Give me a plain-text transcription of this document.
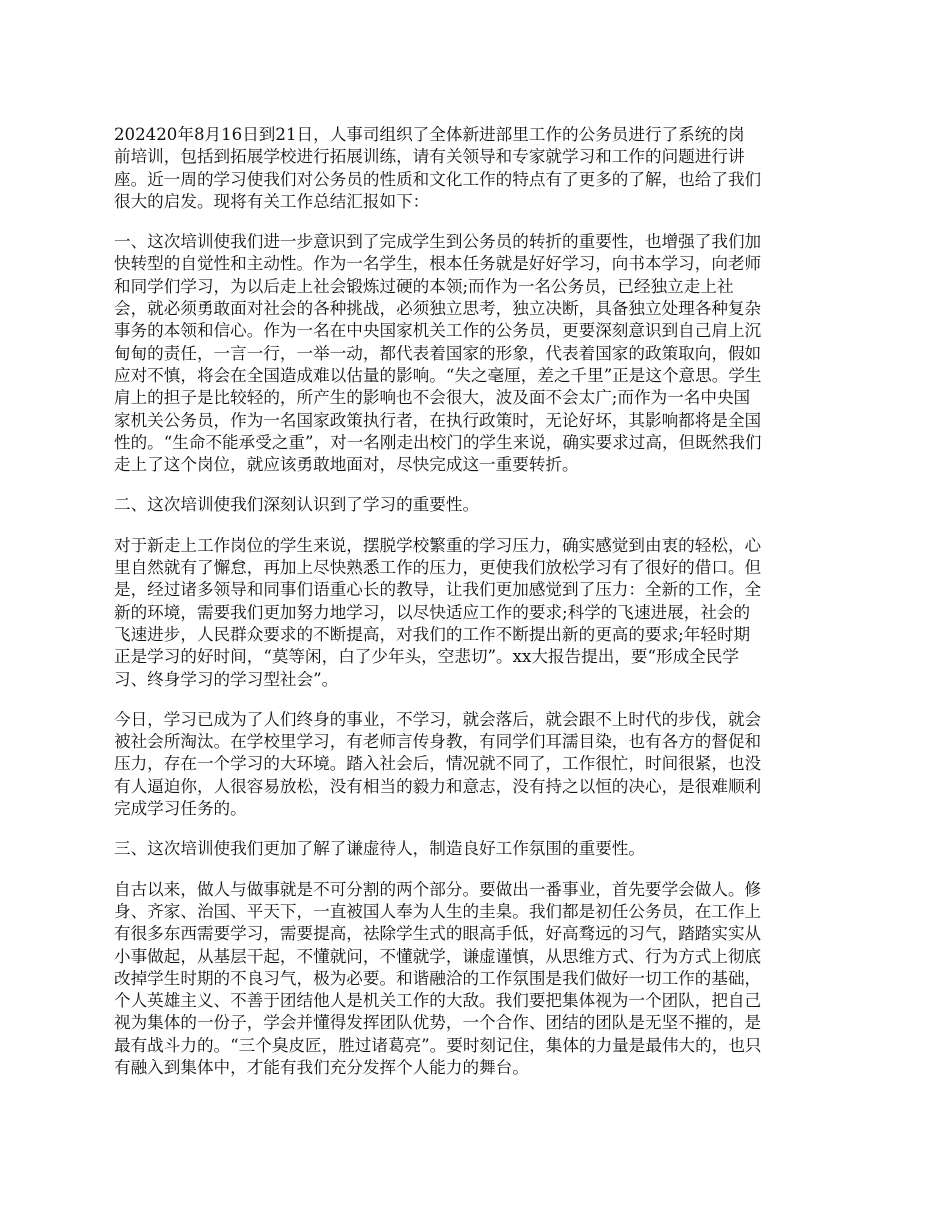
202420年8月16日到21日，人事司组织了全体新进部里工作的公务员进行了系统的岗
前培训，包括到拓展学校进行拓展训练，请有关领导和专家就学习和工作的问题进行讲
座。近一周的学习使我们对公务员的性质和文化工作的特点有了更多的了解，也给了我们
很大的启发。现将有关工作总结汇报如下：

一、这次培训使我们进一步意识到了完成学生到公务员的转折的重要性，也增强了我们加
快转型的自觉性和主动性。作为一名学生，根本任务就是好好学习，向书本学习，向老师
和同学们学习，为以后走上社会锻炼过硬的本领;而作为一名公务员，已经独立走上社
会，就必须勇敢面对社会的各种挑战，必须独立思考，独立决断，具备独立处理各种复杂
事务的本领和信心。作为一名在中央国家机关工作的公务员，更要深刻意识到自己肩上沉
甸甸的责任，一言一行，一举一动，都代表着国家的形象，代表着国家的政策取向，假如
应对不慎，将会在全国造成难以估量的影响。“失之毫厘，差之千里”正是这个意思。学生
肩上的担子是比较轻的，所产生的影响也不会很大，波及面不会太广;而作为一名中央国
家机关公务员，作为一名国家政策执行者，在执行政策时，无论好坏，其影响都将是全国
性的。“生命不能承受之重”，对一名刚走出校门的学生来说，确实要求过高，但既然我们
走上了这个岗位，就应该勇敢地面对，尽快完成这一重要转折。

二、这次培训使我们深刻认识到了学习的重要性。

对于新走上工作岗位的学生来说，摆脱学校繁重的学习压力，确实感觉到由衷的轻松，心
里自然就有了懈怠，再加上尽快熟悉工作的压力，更使我们放松学习有了很好的借口。但
是，经过诸多领导和同事们语重心长的教导，让我们更加感觉到了压力：全新的工作，全
新的环境，需要我们更加努力地学习，以尽快适应工作的要求;科学的飞速进展，社会的
飞速进步，人民群众要求的不断提高，对我们的工作不断提出新的更高的要求;年轻时期
正是学习的好时间，“莫等闲，白了少年头，空悲切”。xx大报告提出，要“形成全民学
习、终身学习的学习型社会”。

今日，学习已成为了人们终身的事业，不学习，就会落后，就会跟不上时代的步伐，就会
被社会所淘汰。在学校里学习，有老师言传身教，有同学们耳濡目染，也有各方的督促和
压力，存在一个学习的大环境。踏入社会后，情况就不同了，工作很忙，时间很紧，也没
有人逼迫你，人很容易放松，没有相当的毅力和意志，没有持之以恒的决心，是很难顺利
完成学习任务的。

三、这次培训使我们更加了解了谦虚待人，制造良好工作氛围的重要性。

自古以来，做人与做事就是不可分割的两个部分。要做出一番事业，首先要学会做人。修
身、齐家、治国、平天下，一直被国人奉为人生的圭臬。我们都是初任公务员，在工作上
有很多东西需要学习，需要提高，祛除学生式的眼高手低，好高骛远的习气，踏踏实实从
小事做起，从基层干起，不懂就问，不懂就学，谦虚谨慎，从思维方式、行为方式上彻底
改掉学生时期的不良习气，极为必要。和谐融洽的工作氛围是我们做好一切工作的基础，
个人英雄主义、不善于团结他人是机关工作的大敌。我们要把集体视为一个团队，把自己
视为集体的一份子，学会并懂得发挥团队优势，一个合作、团结的团队是无坚不摧的，是
最有战斗力的。“三个臭皮匠，胜过诸葛亮”。要时刻记住，集体的力量是最伟大的，也只
有融入到集体中，才能有我们充分发挥个人能力的舞台。
